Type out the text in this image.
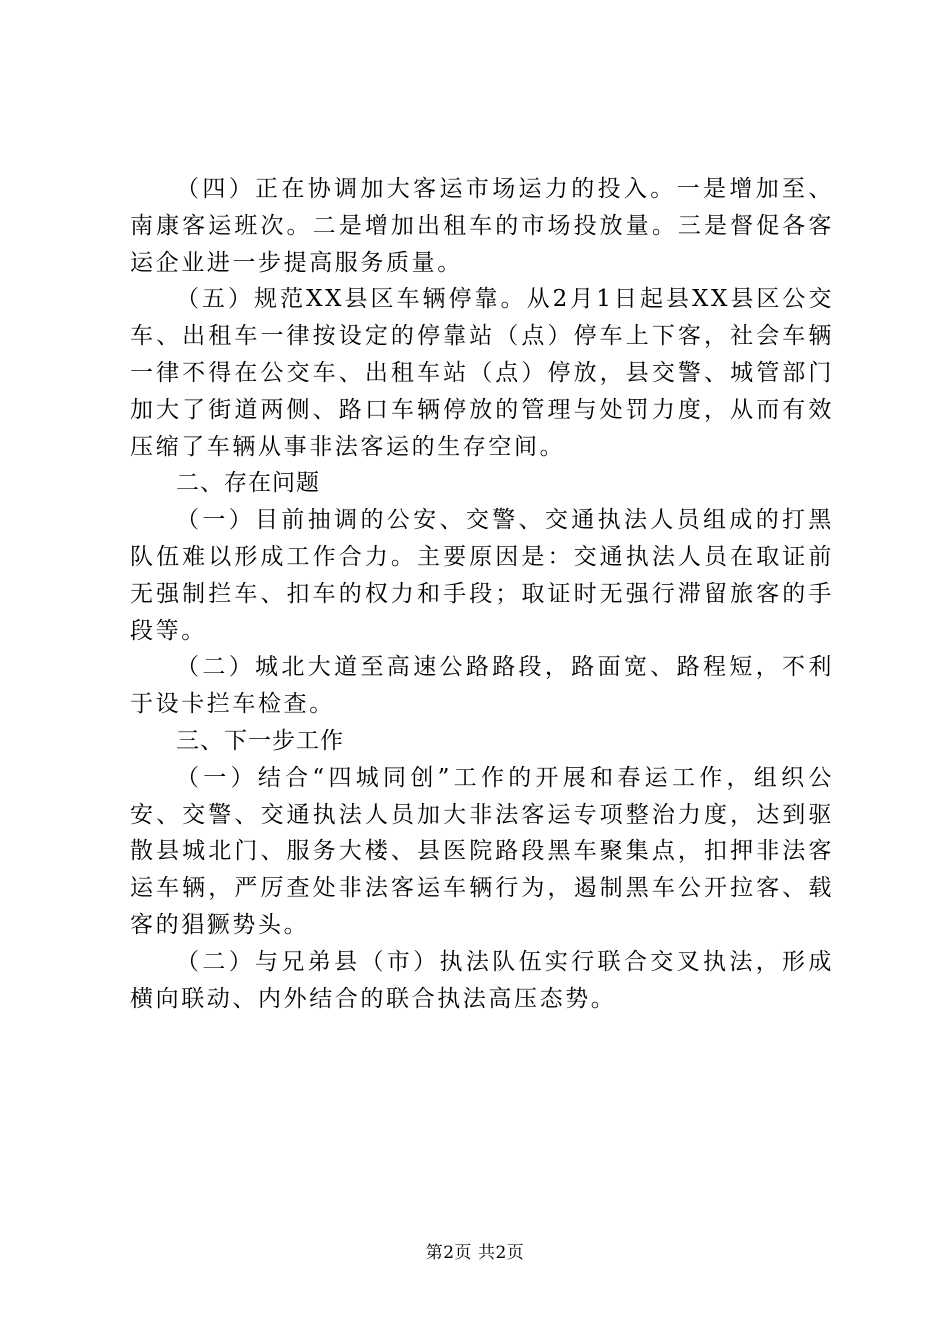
（四）正在协调加大客运市场运力的投入。一是增加至、南康客运班次。二是增加出租车的市场投放量。三是督促各客运企业进一步提高服务质量。

（五）规范XX县区车辆停靠。从2月1日起县XX县区公交车、出租车一律按设定的停靠站（点）停车上下客，社会车辆一律不得在公交车、出租车站（点）停放，县交警、城管部门加大了街道两侧、路口车辆停放的管理与处罚力度，从而有效压缩了车辆从事非法客运的生存空间。

二、存在问题

（一）目前抽调的公安、交警、交通执法人员组成的打黑队伍难以形成工作合力。主要原因是：交通执法人员在取证前无强制拦车、扣车的权力和手段；取证时无强行滞留旅客的手段等。

（二）城北大道至高速公路路段，路面宽、路程短，不利于设卡拦车检查。

三、下一步工作

（一）结合“四城同创”工作的开展和春运工作，组织公安、交警、交通执法人员加大非法客运专项整治力度，达到驱散县城北门、服务大楼、县医院路段黑车聚集点，扣押非法客运车辆，严厉查处非法客运车辆行为，遏制黑车公开拉客、载客的猖獗势头。

（二）与兄弟县（市）执法队伍实行联合交叉执法，形成横向联动、内外结合的联合执法高压态势。

第2页 共2页
